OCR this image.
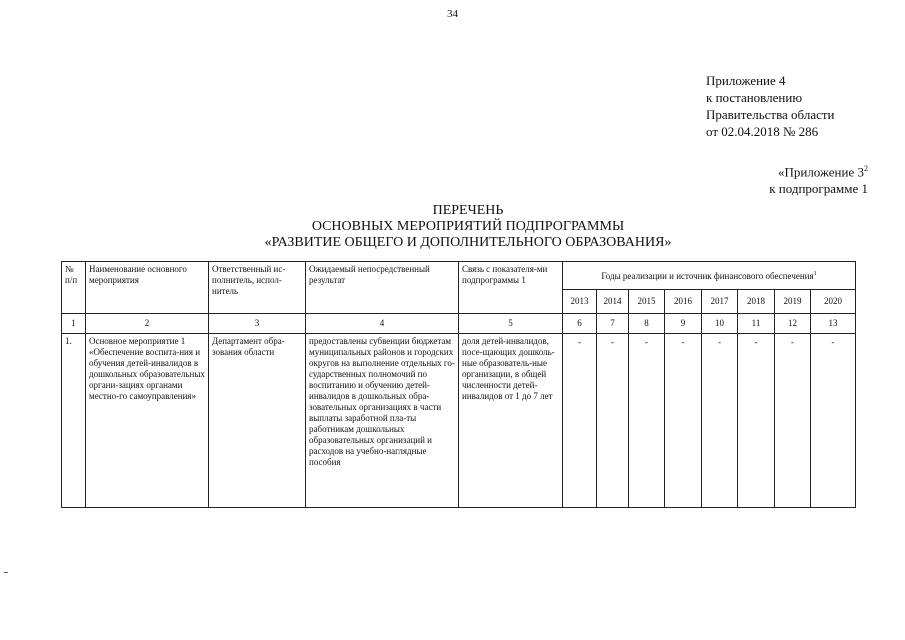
34
Приложение 4
к постановлению
Правительства области
от 02.04.2018 № 286
«Приложение $3^2$
к подпрограмме 1
ПЕРЕЧЕНЬ
ОСНОВНЫХ МЕРОПРИЯТИЙ ПОДПРОГРАММЫ
«РАЗВИТИЕ ОБЩЕГО И ДОПОЛНИТЕЛЬНОГО ОБРАЗОВАНИЯ»
№ п/п	Наименование основного мероприятия	Ответственный ис-полнитель, испол-нитель	Ожидаемый непосредственный результат	Связь с показателя-ми подпрограммы 1	Годы реализации и источник финансового обеспечения$^1$
					2013	2014	2015	2016	2017	2018	2019	2020
1	2	3	4	5	6	7	8	9	10	11	12	13
1.	Основное мероприятие 1 «Обеспечение воспита-ния и обучения детей-инвалидов в дошкольных образовательных органи-зациях органами местно-го самоуправления»	Департамент обра-зования области	предоставлены субвенции бюджетам муниципальных районов и городских округов на выполнение отдельных го-сударственных полномочий по воспитанию и обучению детей-инвалидов в дошкольных обра-зовательных организациях в части выплаты заработной пла-ты работникам дошкольных образовательных организаций и расходов на учебно-наглядные пособия	доля детей-инвалидов, посе-щающих дошколь-ные образователь-ные организации, в общей численности детей-инвалидов от 1 до 7 лет	-	-	-	-	-	-	-	-
